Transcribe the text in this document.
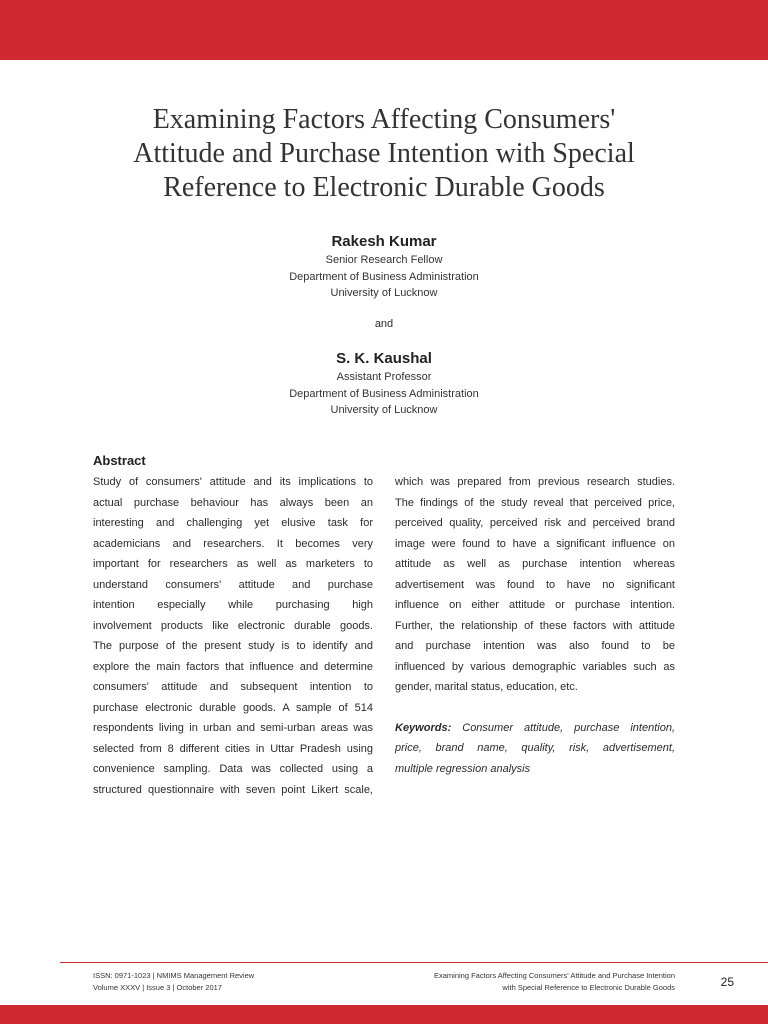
Examining Factors Affecting Consumers'
Attitude and Purchase Intention with Special
Reference to Electronic Durable Goods

Rakesh Kumar

Senior Research Fellow
Department of Business Administration
University of Lucknow

and

S. K. Kaushal

Assistant Professor
Department of Business Administration
University of Lucknow

Abstract
Study of consumers' attitude and its implications to
actual purchase behaviour has always been an
interesting and challenging yet elusive task for
academicians and researchers. It becomes very
important for researchers as well as marketers to
understand consumers' attitude and purchase
intention especially while purchasing high
involvement products like electronic durable goods.
The purpose of the present study is to identify and
explore the main factors that influence and determine
consumers' attitude and subsequent intention to
purchase electronic durable goods. A sample of 514
respondents living in urban and semi-urban areas was
selected from 8 different cities in Uttar Pradesh using
convenience sampling. Data was collected using a
structured questionnaire with seven point Likert scale,
which was prepared from previous research studies.
The findings of the study reveal that perceived price,
perceived quality, perceived risk and perceived brand
image were found to have a significant influence on
attitude as well as purchase intention whereas
advertisement was found to have no significant
influence on either attitude or purchase intention.
Further, the relationship of these factors with attitude
and purchase intention was also found to be
influenced by various demographic variables such as
gender, marital status, education, etc.
Keywords: Consumer attitude, purchase intention,
price, brand name, quality, risk, advertisement,
multiple regression analysis
ISSN: 0971-1023 | NMIMS Management Review
Volume XXXV | Issue 3 | October 2017
Examining Factors Affecting Consumers' Attitude and Purchase Intention
with Special Reference to Electronic Durable Goods	25
